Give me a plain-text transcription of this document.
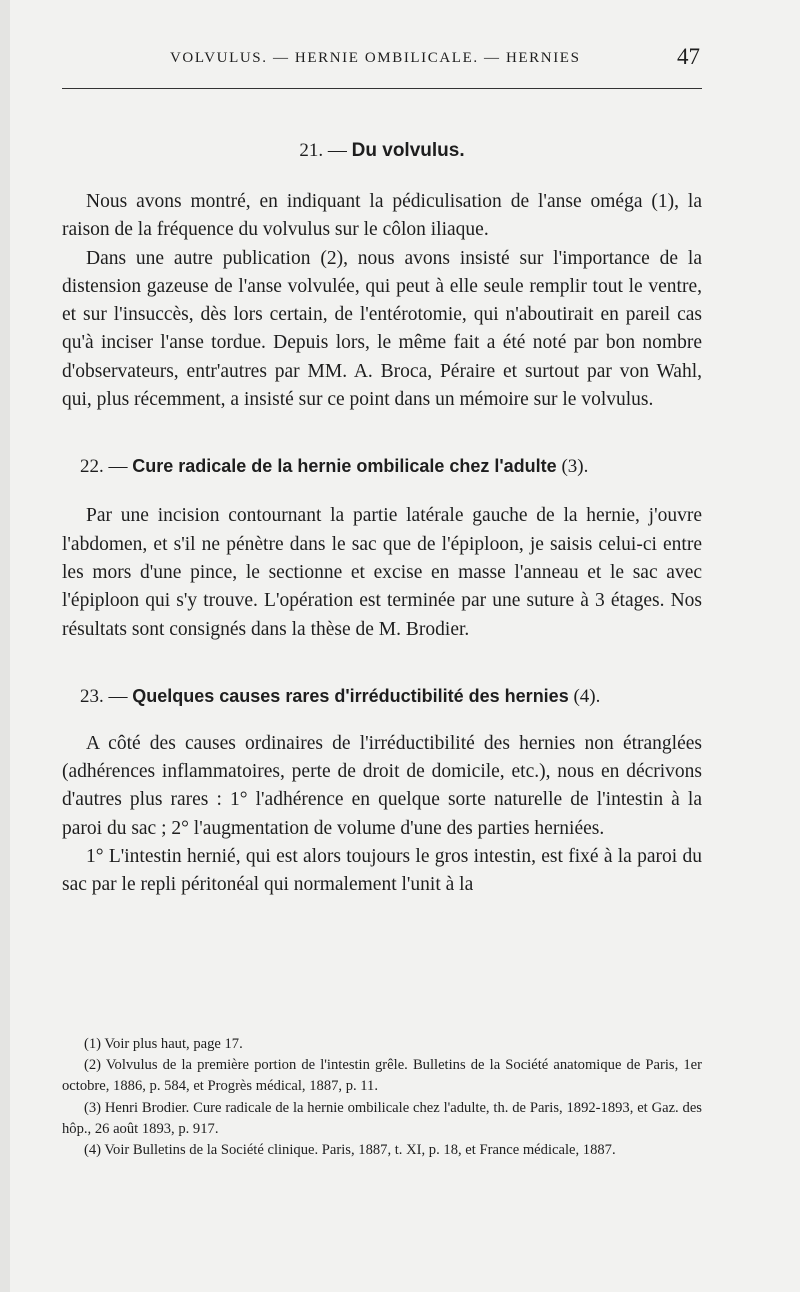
VOLVULUS. — HERNIE OMBILICALE. — HERNIES	47
21. — Du volvulus.

Nous avons montré, en indiquant la pédiculisation de l'anse oméga (1), la raison de la fréquence du volvulus sur le côlon iliaque.

Dans une autre publication (2), nous avons insisté sur l'importance de la distension gazeuse de l'anse volvulée, qui peut à elle seule remplir tout le ventre, et sur l'insuccès, dès lors certain, de l'entérotomie, qui n'aboutirait en pareil cas qu'à inciser l'anse tordue. Depuis lors, le même fait a été noté par bon nombre d'observateurs, entr'autres par MM. A. Broca, Péraire et surtout par von Wahl, qui, plus récemment, a insisté sur ce point dans un mémoire sur le volvulus.

22. — Cure radicale de la hernie ombilicale chez l'adulte (3).

Par une incision contournant la partie latérale gauche de la hernie, j'ouvre l'abdomen, et s'il ne pénètre dans le sac que de l'épiploon, je saisis celui-ci entre les mors d'une pince, le sectionne et excise en masse l'anneau et le sac avec l'épiploon qui s'y trouve. L'opération est terminée par une suture à 3 étages. Nos résultats sont consignés dans la thèse de M. Brodier.

23. — Quelques causes rares d'irréductibilité des hernies (4).

A côté des causes ordinaires de l'irréductibilité des hernies non étranglées (adhérences inflammatoires, perte de droit de domicile, etc.), nous en décrivons d'autres plus rares : 1° l'adhérence en quelque sorte naturelle de l'intestin à la paroi du sac ; 2° l'augmentation de volume d'une des parties herniées.

1° L'intestin hernié, qui est alors toujours le gros intestin, est fixé à la paroi du sac par le repli péritonéal qui normalement l'unit à la

(1) Voir plus haut, page 17.

(2) Volvulus de la première portion de l'intestin grêle. Bulletins de la Société anatomique de Paris, 1er octobre, 1886, p. 584, et Progrès médical, 1887, p. 11.

(3) Henri Brodier. Cure radicale de la hernie ombilicale chez l'adulte, th. de Paris, 1892-1893, et Gaz. des hôp., 26 août 1893, p. 917.

(4) Voir Bulletins de la Société clinique. Paris, 1887, t. XI, p. 18, et France médicale, 1887.
